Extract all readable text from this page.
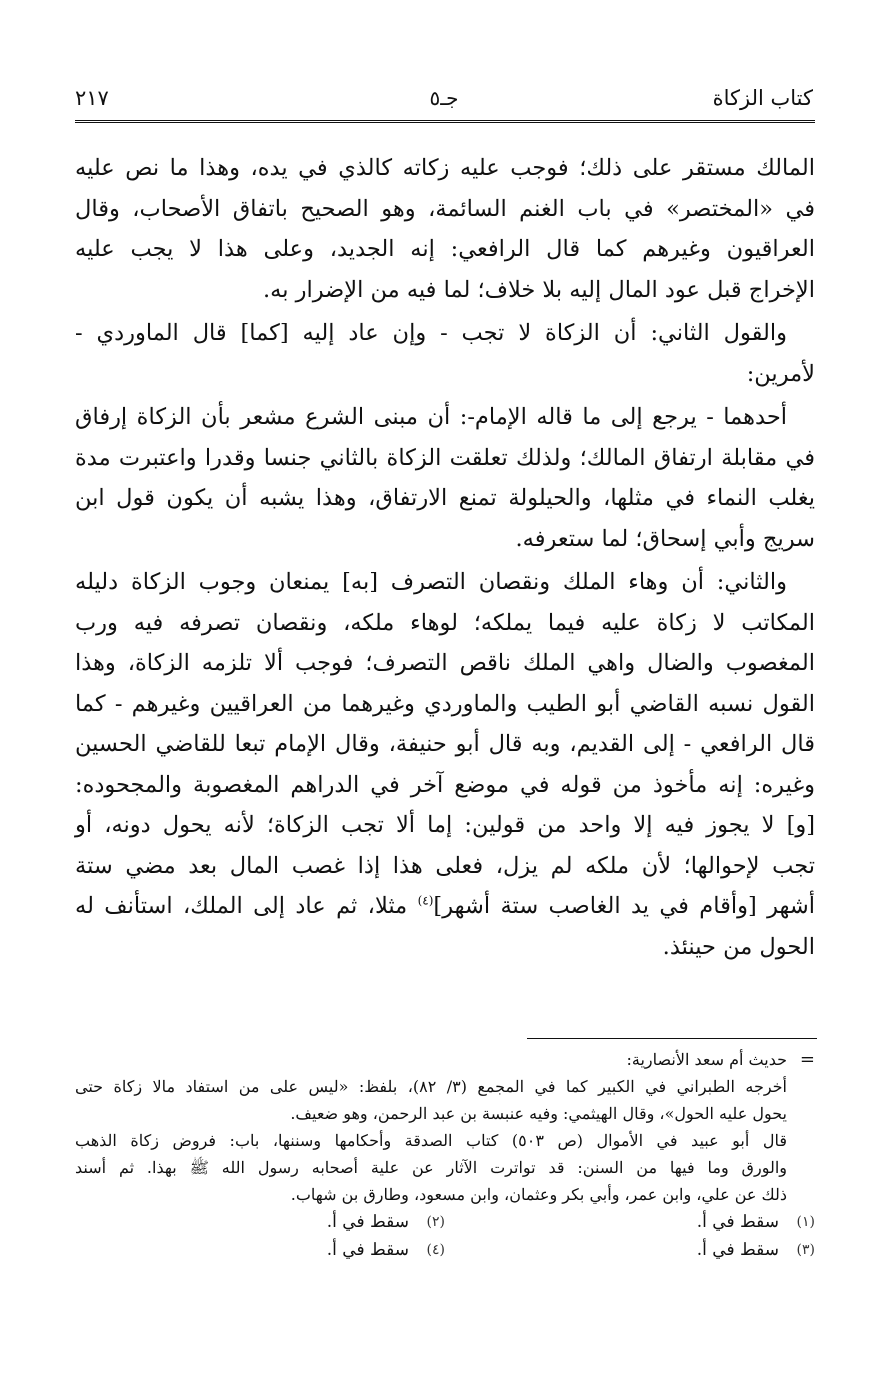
٢١٧	جـ٥	كتاب الزكاة

المالك مستقر على ذلك؛ فوجب عليه زكاته كالذي في يده، وهذا ما نص عليه
في «المختصر» في باب الغنم السائمة، وهو الصحيح باتفاق الأصحاب، وقال
العراقيون وغيرهم كما قال الرافعي: إنه الجديد، وعلى هذا لا يجب عليه
الإخراج قبل عود المال إليه بلا خلاف؛ لما فيه من الإضرار به.

والقول الثاني: أن الزكاة لا تجب - وإن عاد إليه [كما] قال الماوردي -
لأمرين:

أحدهما - يرجع إلى ما قاله الإمام-: أن مبنى الشرع مشعر بأن الزكاة إرفاق
في مقابلة ارتفاق المالك؛ ولذلك تعلقت الزكاة بالثاني جنسا وقدرا واعتبرت مدة
يغلب النماء في مثلها، والحيلولة تمنع الارتفاق، وهذا يشبه أن يكون قول ابن
سريج وأبي إسحاق؛ لما ستعرفه.

والثاني: أن وهاء الملك ونقصان التصرف [به] يمنعان وجوب الزكاة دليله
المكاتب لا زكاة عليه فيما يملكه؛ لوهاء ملكه، ونقصان تصرفه فيه ورب
المغصوب والضال واهي الملك ناقص التصرف؛ فوجب ألا تلزمه الزكاة، وهذا
القول نسبه القاضي أبو الطيب والماوردي وغيرهما من العراقيين وغيرهم - كما
قال الرافعي - إلى القديم، وبه قال أبو حنيفة، وقال الإمام تبعا للقاضي الحسين
وغيره: إنه مأخوذ من قوله في موضع آخر في الدراهم المغصوبة والمجحوده:
[و] لا يجوز فيه إلا واحد من قولين: إما ألا تجب الزكاة؛ لأنه يحول دونه، أو
تجب لإحوالها؛ لأن ملكه لم يزل، فعلى هذا إذا غصب المال بعد مضي ستة
أشهر [وأقام في يد الغاصب ستة أشهر]$^{(٤)}$ مثلا، ثم عاد إلى الملك، استأنف له
الحول من حينئذ.

=
حديث أم سعد الأنصارية:
أخرجه الطبراني في الكبير كما في المجمع (٣/ ٨٢)، بلفظ: «ليس على من استفاد مالا زكاة حتى
يحول عليه الحول»، وقال الهيثمي: وفيه عنبسة بن عبد الرحمن، وهو ضعيف.
قال أبو عبيد في الأموال (ص ٥٠٣) كتاب الصدقة وأحكامها وسننها، باب: فروض زكاة الذهب
والورق وما فيها من السنن: قد تواترت الآثار عن علية أصحابه رسول الله ﷺ بهذا. ثم أسند
ذلك عن علي، وابن عمر، وأبي بكر وعثمان، وابن مسعود، وطارق بن شهاب.
(١)
سقط في أ.
(٢)
سقط في أ.
(٣)
سقط في أ.
(٤)
سقط في أ.
